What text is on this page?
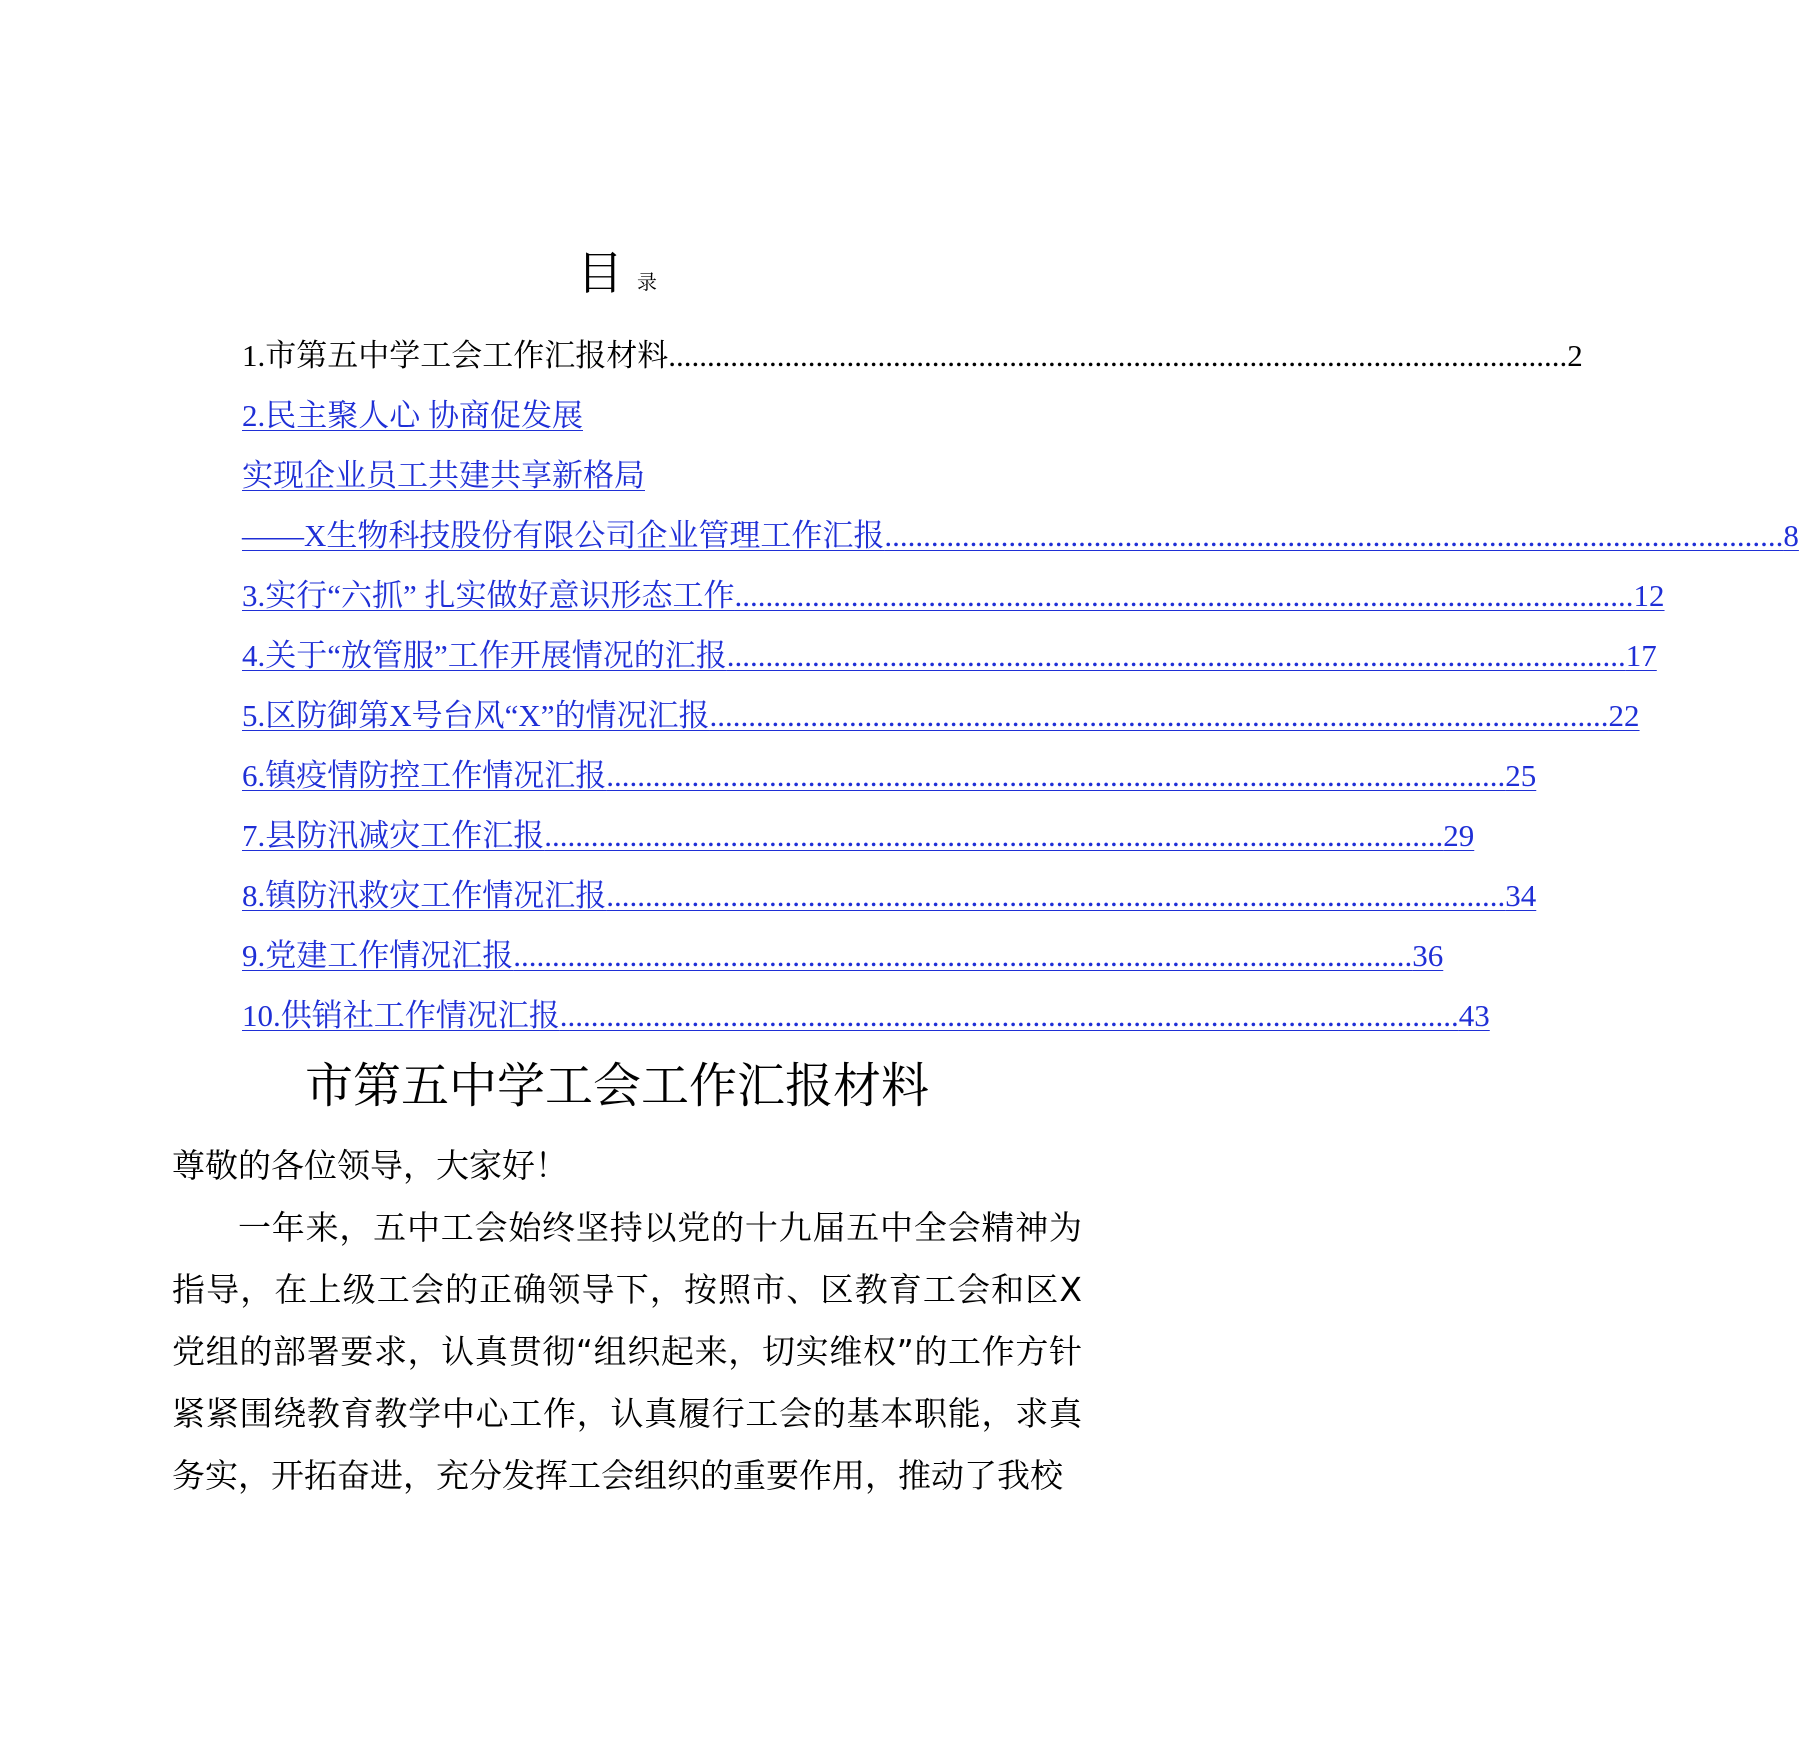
目录
1.市第五中学工会工作汇报材料 .................................................................................................................... 2
2.民主聚人心 协商促发展
实现企业员工共建共享新格局
——X生物科技股份有限公司企业管理工作汇报 .................................................................................................................... 8
3.实行“六抓” 扎实做好意识形态工作 .................................................................................................................... 12
4.关于“放管服”工作开展情况的汇报 .................................................................................................................... 17
5.区防御第X号台风“X”的情况汇报 .................................................................................................................... 22
6.镇疫情防控工作情况汇报 .................................................................................................................... 25
7.县防汛减灾工作汇报 .................................................................................................................... 29
8.镇防汛救灾工作情况汇报 .................................................................................................................... 34
9.党建工作情况汇报 .................................................................................................................... 36
10.供销社工作情况汇报 .................................................................................................................... 43
市第五中学工会工作汇报材料

尊敬的各位领导，大家好！

一年来，五中工会始终坚持以党的十九届五中全会精神为指导，在上级工会的正确领导下，按照市、区教育工会和区X党组的部署要求，认真贯彻“组织起来，切实维权”的工作方针紧紧围绕教育教学中心工作，认真履行工会的基本职能，求真务实，开拓奋进，充分发挥工会组织的重要作用，推动了我校
